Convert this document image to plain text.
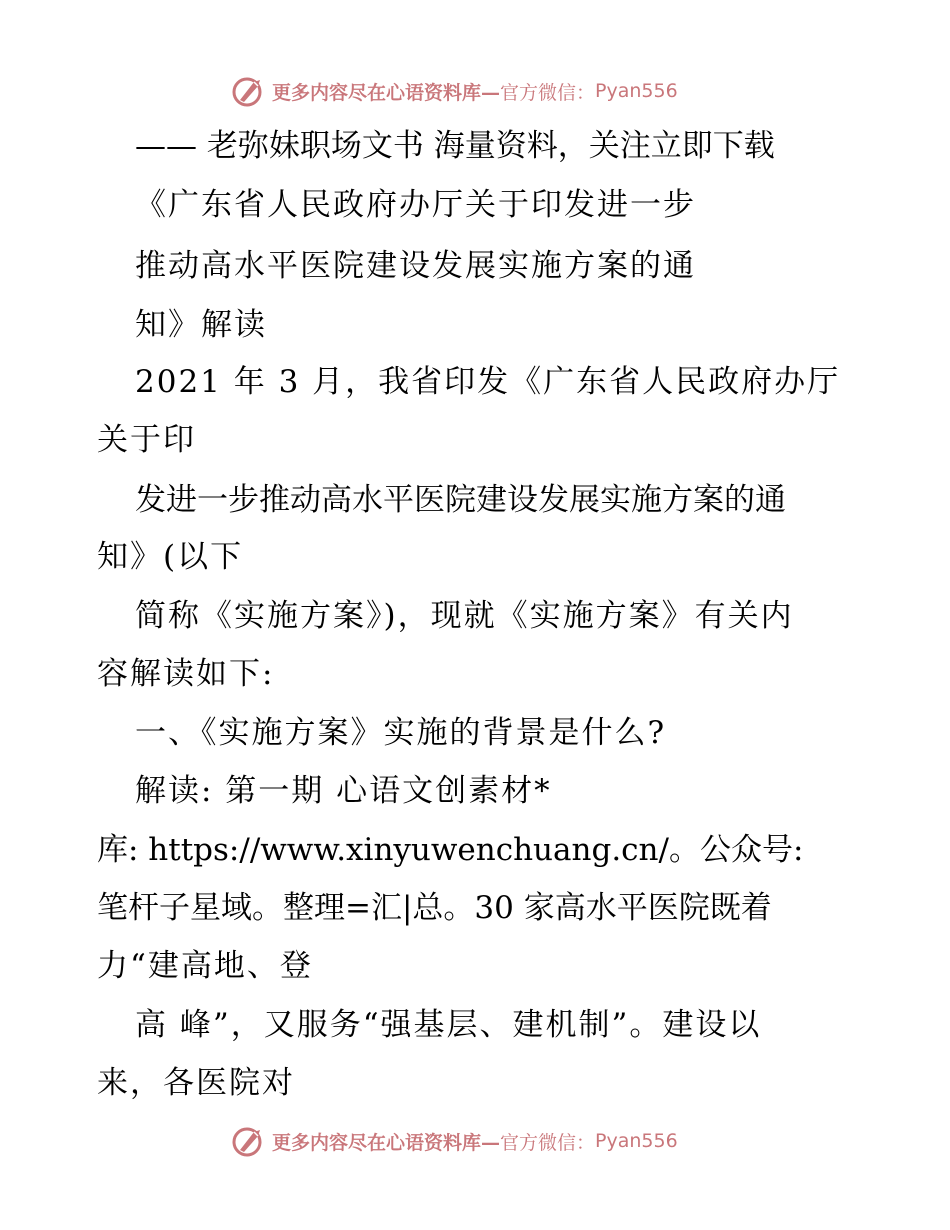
更多内容尽在心语资料库— 官方微信： Pyan556
—— 老弥妹职场文书 海量资料，关注立即下载
《广东省人民政府办厅关于印发进一步
推动高水平医院建设发展实施方案的通
知》解读
2021 年 3 月，我省印发《广东省人民政府办厅
关于印
发进一步推动高水平医院建设发展实施方案的通
知》(以下
简称《实施方案》)，现就《实施方案》有关内
容解读如下:
一、《实施方案》实施的背景是什么?
解读: 第一期 心语文创素材*
库: https://www.xinyuwenchuang.cn/。公众号:
笔杆子星域。整理=汇|总。30 家高水平医院既着
力“建高地、登
高 峰”，又服务“强基层、建机制”。建设以
来，各医院对
更多内容尽在心语资料库— 官方微信： Pyan556
